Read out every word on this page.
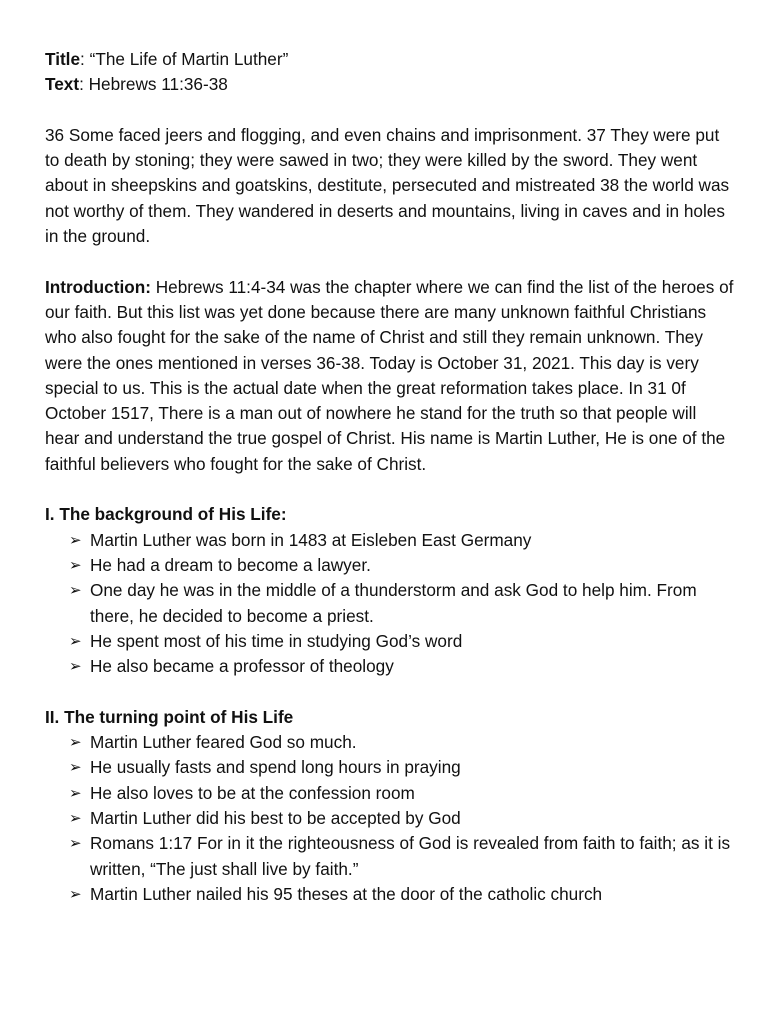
Title: “The Life of Martin Luther”

Text: Hebrews 11:36-38

36 Some faced jeers and flogging, and even chains and imprisonment. 37 They were put to death by stoning; they were sawed in two; they were killed by the sword. They went about in sheepskins and goatskins, destitute, persecuted and mistreated 38 the world was not worthy of them. They wandered in deserts and mountains, living in caves and in holes in the ground.

Introduction: Hebrews 11:4-34 was the chapter where we can find the list of the heroes of our faith. But this list was yet done because there are many unknown faithful Christians who also fought for the sake of the name of Christ and still they remain unknown. They were the ones mentioned in verses 36-38. Today is October 31, 2021. This day is very special to us. This is the actual date when the great reformation takes place. In 31 0f October 1517, There is a man out of nowhere he stand for the truth so that people will hear and understand the true gospel of Christ. His name is Martin Luther, He is one of the faithful believers who fought for the sake of Christ.

I. The background of His Life:

➢ Martin Luther was born in 1483 at Eisleben East Germany
➢ He had a dream to become a lawyer.
➢ One day he was in the middle of a thunderstorm and ask God to help him. From there, he decided to become a priest.
➢ He spent most of his time in studying God’s word
➢ He also became a professor of theology

II. The turning point of His Life

➢ Martin Luther feared God so much.
➢ He usually fasts and spend long hours in praying
➢ He also loves to be at the confession room
➢ Martin Luther did his best to be accepted by God
➢ Romans 1:17 For in it the righteousness of God is revealed from faith to faith; as it is written, “The just shall live by faith.”
➢ Martin Luther nailed his 95 theses at the door of the catholic church
